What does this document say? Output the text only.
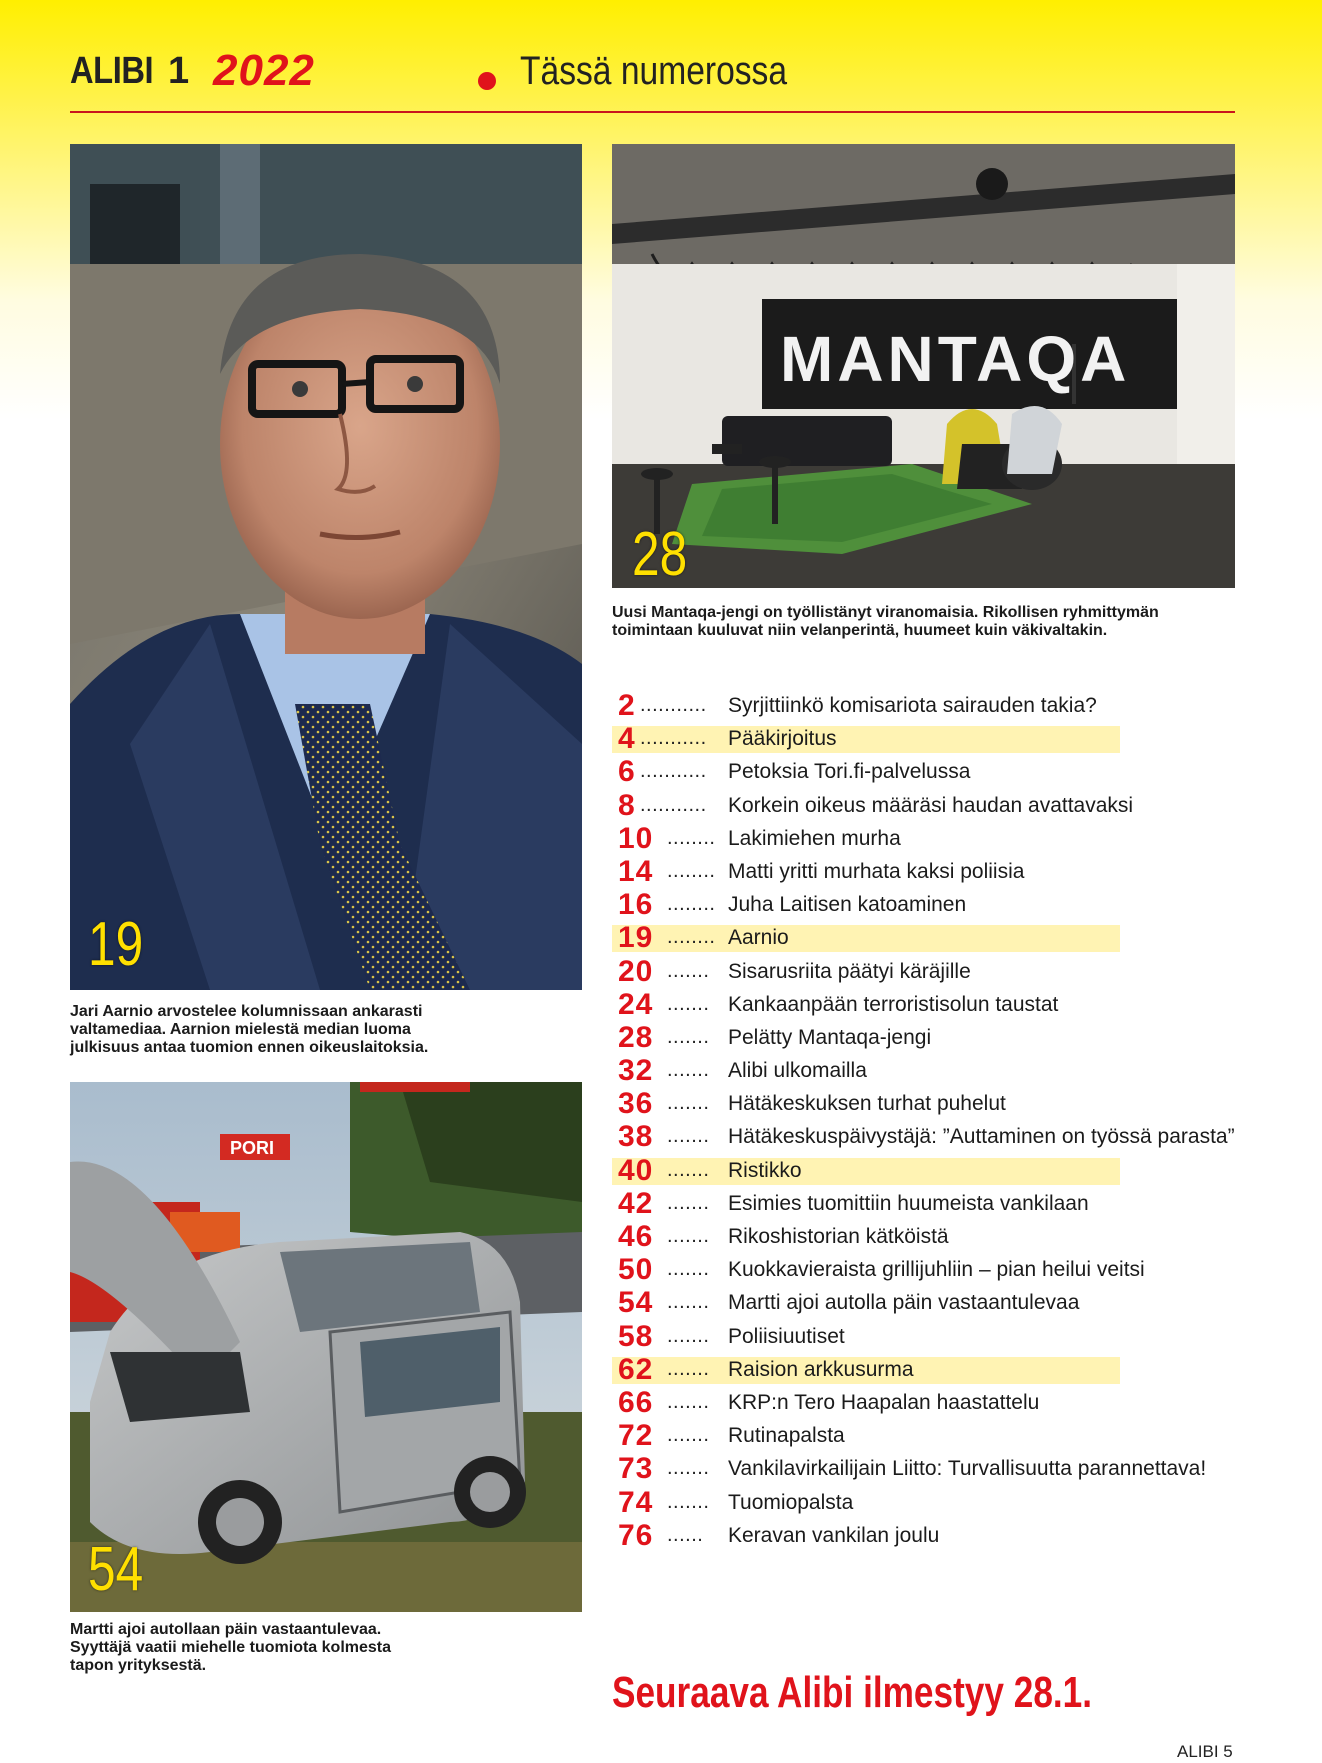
ALIBI 1 2022	Tässä numerossa
19
Jari Aarnio arvostelee kolumnissaan ankarasti
valtamediaa. Aarnion mielestä median luoma
julkisuus antaa tuomion ennen oikeuslaitoksia.
MANTAQA
28
Uusi Mantaqa-jengi on työllistänyt viranomaisia. Rikollisen ryhmittymän
toimintaan kuuluvat niin velanperintä, huumeet kuin väkivaltakin.
PORI
54
Martti ajoi autollaan päin vastaantulevaa.
Syyttäjä vaatii miehelle tuomiota kolmesta
tapon yrityksestä.
2 ........... Syrjittiinkö komisariota sairauden takia?
4 ........... Pääkirjoitus
6 ........... Petoksia Tori.fi-palvelussa
8 ........... Korkein oikeus määräsi haudan avattavaksi
10 ........ Lakimiehen murha
14 ........ Matti yritti murhata kaksi poliisia
16 ........ Juha Laitisen katoaminen
19 ........ Aarnio
20 ....... Sisarusriita päätyi käräjille
24 ....... Kankaanpään terroristisolun taustat
28 ....... Pelätty Mantaqa-jengi
32 ....... Alibi ulkomailla
36 ....... Hätäkeskuksen turhat puhelut
38 ....... Hätäkeskuspäivystäjä: ”Auttaminen on työssä parasta”
40 ....... Ristikko
42 ....... Esimies tuomittiin huumeista vankilaan
46 ....... Rikoshistorian kätköistä
50 ....... Kuokkavieraista grillijuhliin – pian heilui veitsi
54 ....... Martti ajoi autolla päin vastaantulevaa
58 ....... Poliisiuutiset
62 ....... Raision arkkusurma
66 ....... KRP:n Tero Haapalan haastattelu
72 ....... Rutinapalsta
73 ....... Vankilavirkailijain Liitto: Turvallisuutta parannettava!
74 ....... Tuomiopalsta
76 ...... Keravan vankilan joulu
Seuraava Alibi ilmestyy 28.1.
ALIBI 5
